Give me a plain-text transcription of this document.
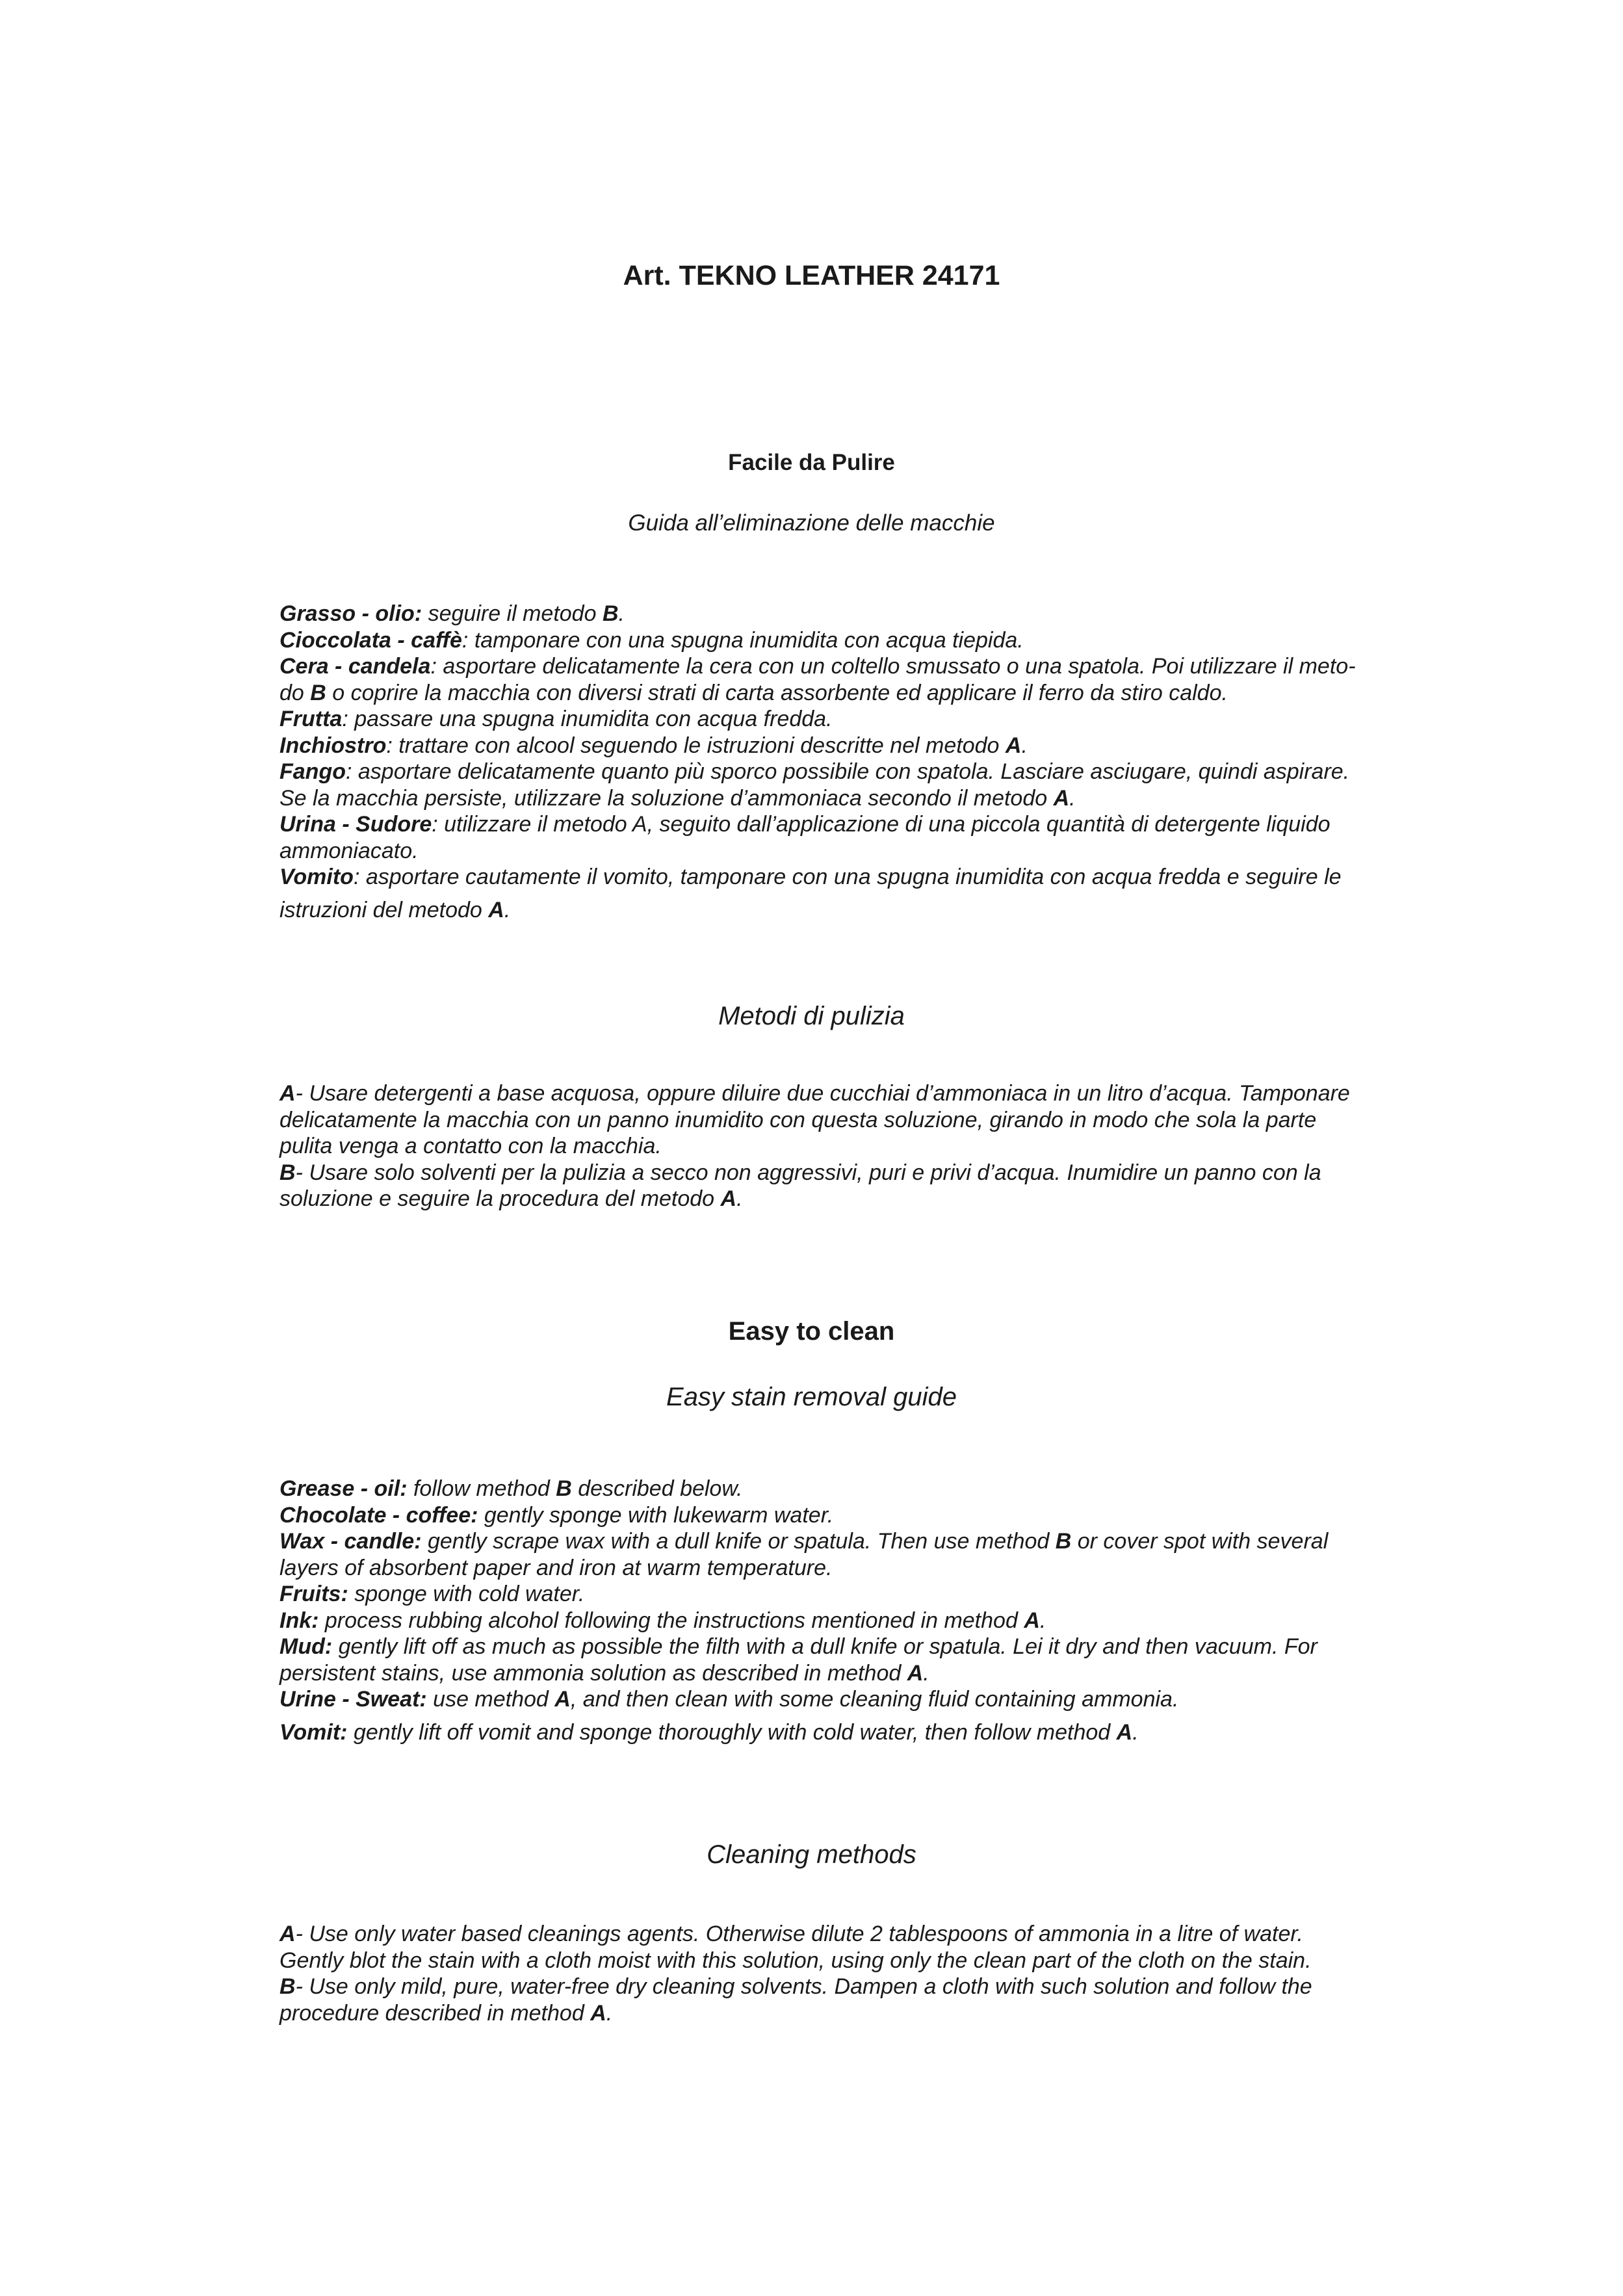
Art. TEKNO LEATHER 24171
Facile da Pulire
Guida all’eliminazione delle macchie

Grasso - olio: seguire il metodo B.

Cioccolata - caffè: tamponare con una spugna inumidita con acqua tiepida.

Cera - candela: asportare delicatamente la cera con un coltello smussato o una spatola. Poi utilizzare il meto-

do B o coprire la macchia con diversi strati di carta assorbente ed applicare il ferro da stiro caldo.

Frutta: passare una spugna inumidita con acqua fredda.

Inchiostro: trattare con alcool seguendo le istruzioni descritte nel metodo A.

Fango: asportare delicatamente quanto più sporco possibile con spatola. Lasciare asciugare, quindi aspirare.

Se la macchia persiste, utilizzare la soluzione d’ammoniaca secondo il metodo A.

Urina - Sudore: utilizzare il metodo A, seguito dall’applicazione di una piccola quantità di detergente liquido

ammoniacato.

Vomito: asportare cautamente il vomito, tamponare con una spugna inumidita con acqua fredda e seguire le

istruzioni del metodo A.

Metodi di pulizia

A- Usare detergenti a base acquosa, oppure diluire due cucchiai d’ammoniaca in un litro d’acqua. Tamponare

delicatamente la macchia con un panno inumidito con questa soluzione, girando in modo che sola la parte

pulita venga a contatto con la macchia.

B- Usare solo solventi per la pulizia a secco non aggressivi, puri e privi d’acqua. Inumidire un panno con la

soluzione e seguire la procedura del metodo A.

Easy to clean
Easy stain removal guide

Grease - oil: follow method B described below.

Chocolate - coffee: gently sponge with lukewarm water.

Wax - candle: gently scrape wax with a dull knife or spatula. Then use method B or cover spot with several

layers of absorbent paper and iron at warm temperature.

Fruits: sponge with cold water.

Ink: process rubbing alcohol following the instructions mentioned in method A.

Mud: gently lift off as much as possible the filth with a dull knife or spatula. Lei it dry and then vacuum. For

persistent stains, use ammonia solution as described in method A.

Urine - Sweat: use method A, and then clean with some cleaning fluid containing ammonia.

Vomit: gently lift off vomit and sponge thoroughly with cold water, then follow method A.

Cleaning methods

A- Use only water based cleanings agents. Otherwise dilute 2 tablespoons of ammonia in a litre of water.

Gently blot the stain with a cloth moist with this solution, using only the clean part of the cloth on the stain.

B- Use only mild, pure, water-free dry cleaning solvents. Dampen a cloth with such solution and follow the

procedure described in method A.
